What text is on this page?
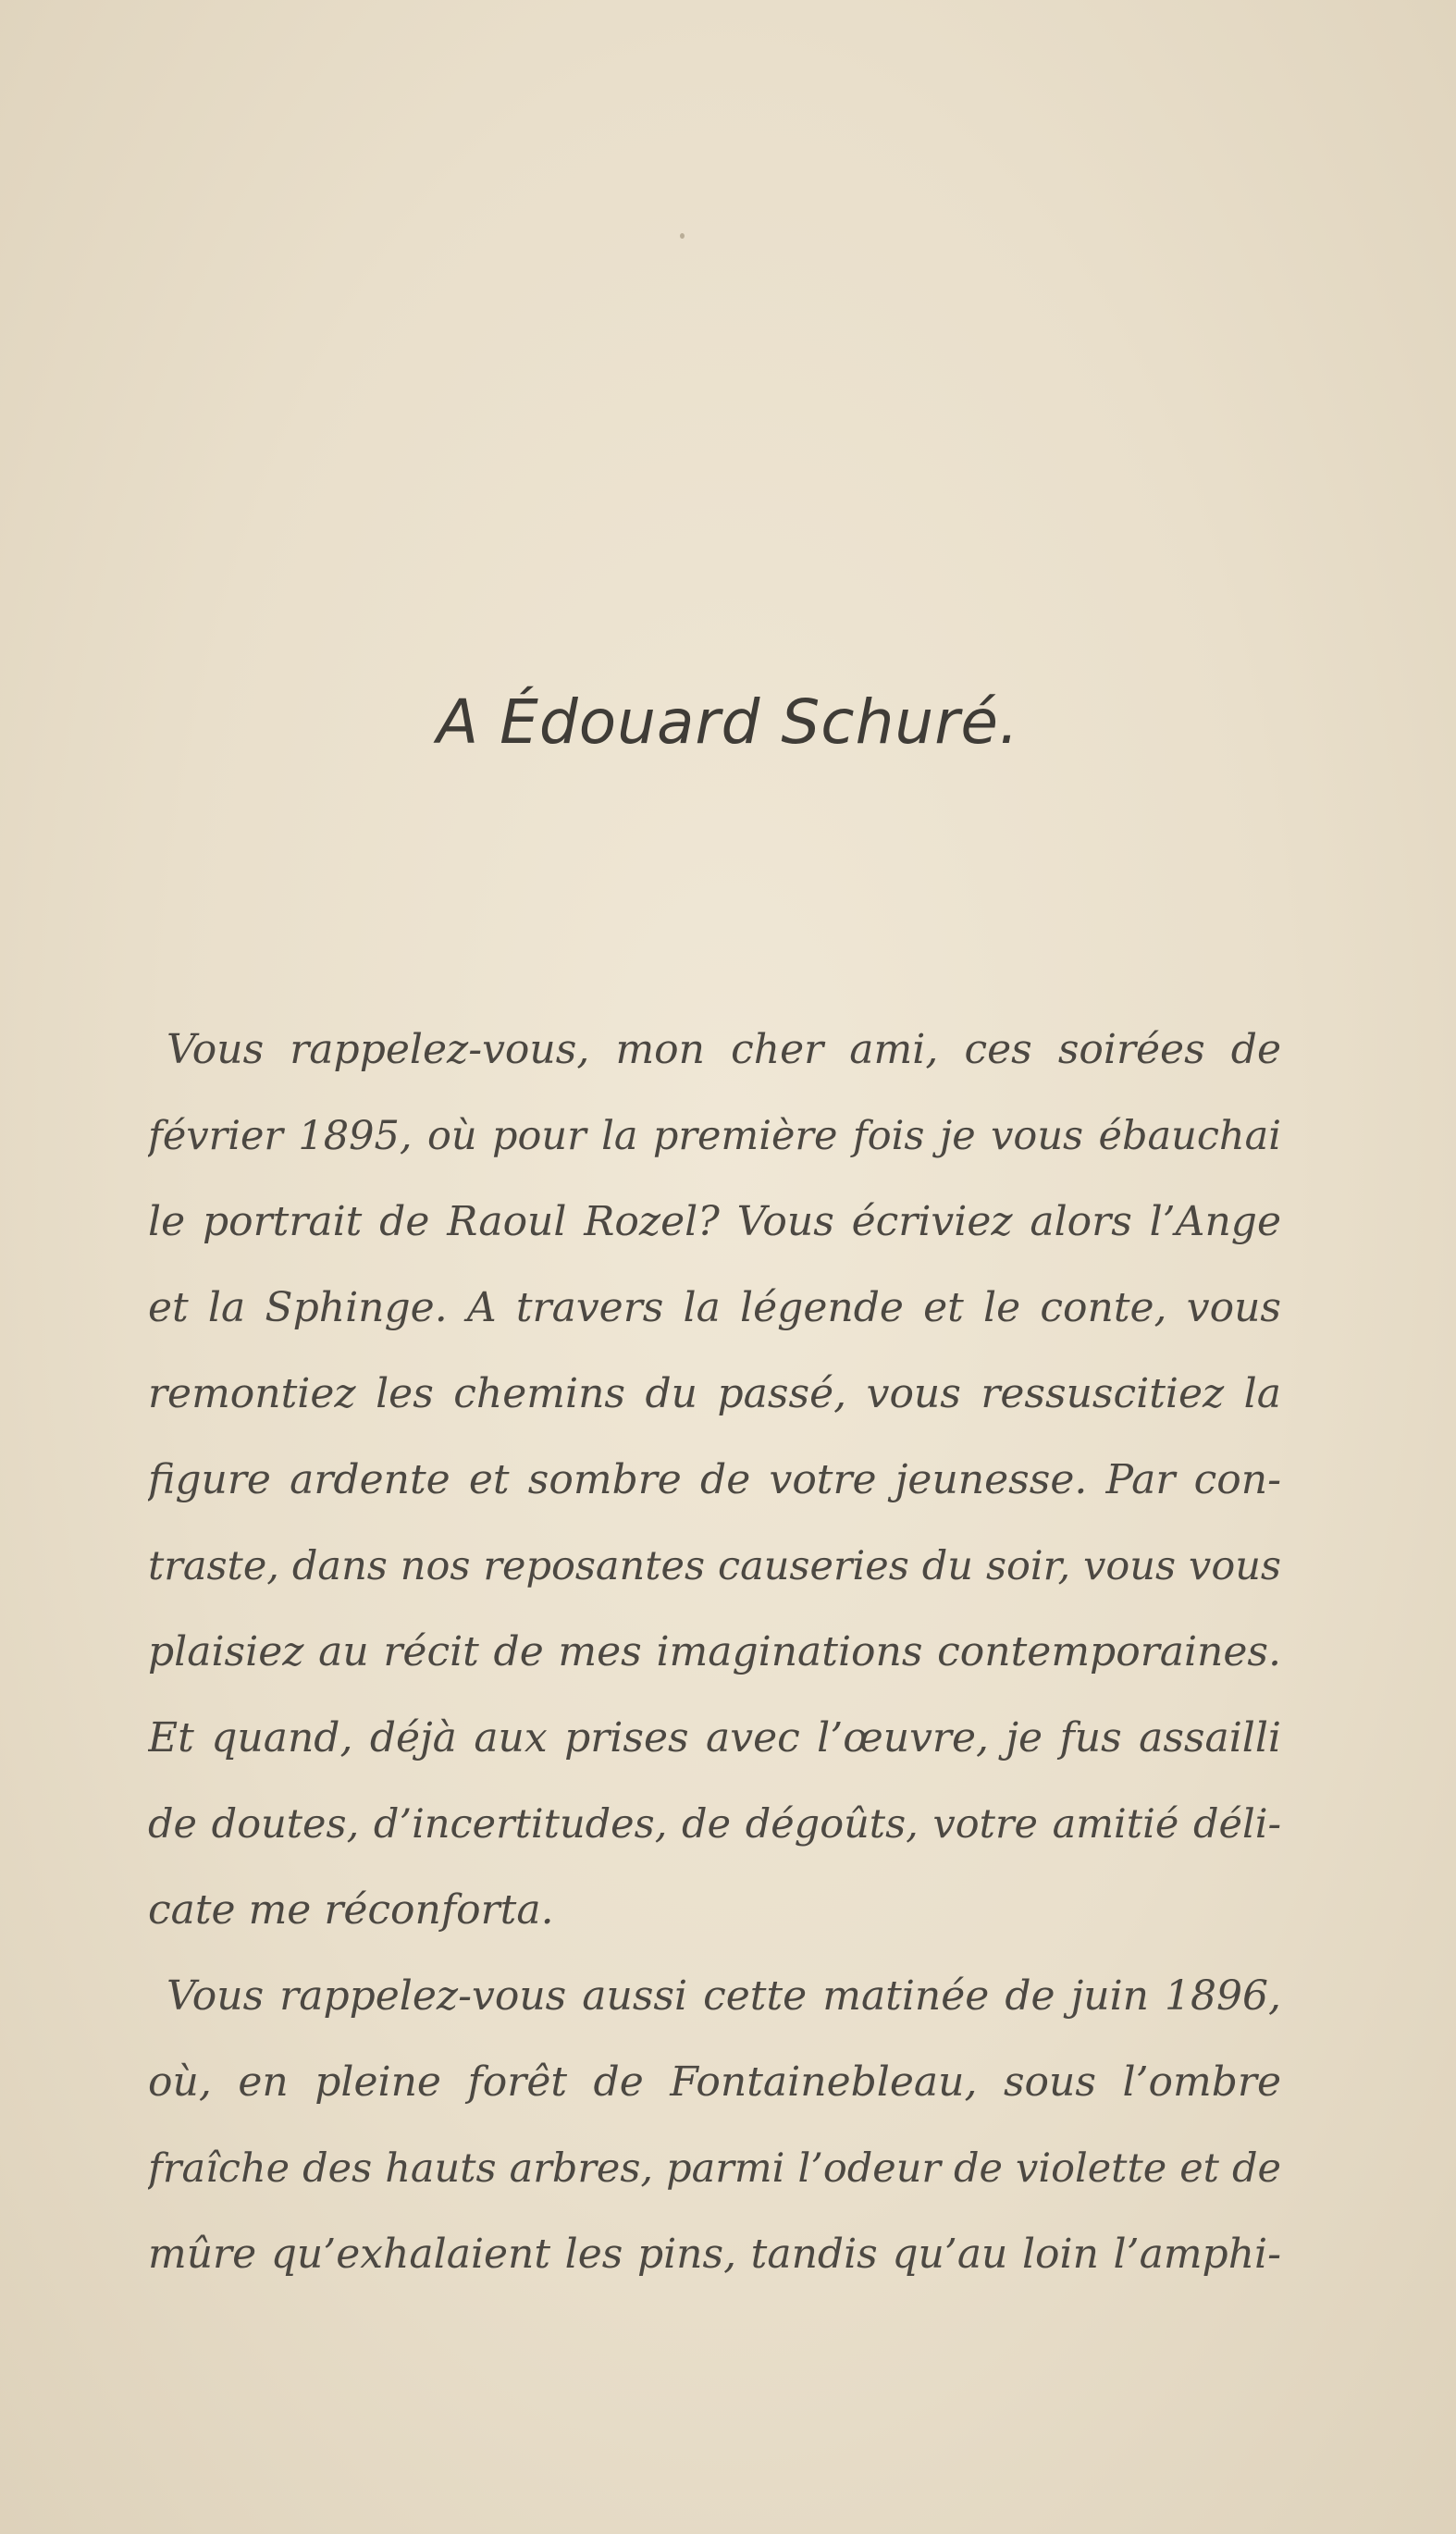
A Édouard Schuré.
Vous rappelez-vous, mon cher ami, ces soirées de
février 1895, où pour la première fois je vous ébauchai
le portrait de Raoul Rozel? Vous écriviez alors l’Ange
et la Sphinge. A travers la légende et le conte, vous
remontiez les chemins du passé, vous ressuscitiez la
figure ardente et sombre de votre jeunesse. Par con-
traste, dans nos reposantes causeries du soir, vous vous
plaisiez au récit de mes imaginations contemporaines.
Et quand, déjà aux prises avec l’œuvre, je fus assailli
de doutes, d’incertitudes, de dégoûts, votre amitié déli-
cate me réconforta.
Vous rappelez-vous aussi cette matinée de juin 1896,
où, en pleine forêt de Fontainebleau, sous l’ombre
fraîche des hauts arbres, parmi l’odeur de violette et de
mûre qu’exhalaient les pins, tandis qu’au loin l’amphi-
